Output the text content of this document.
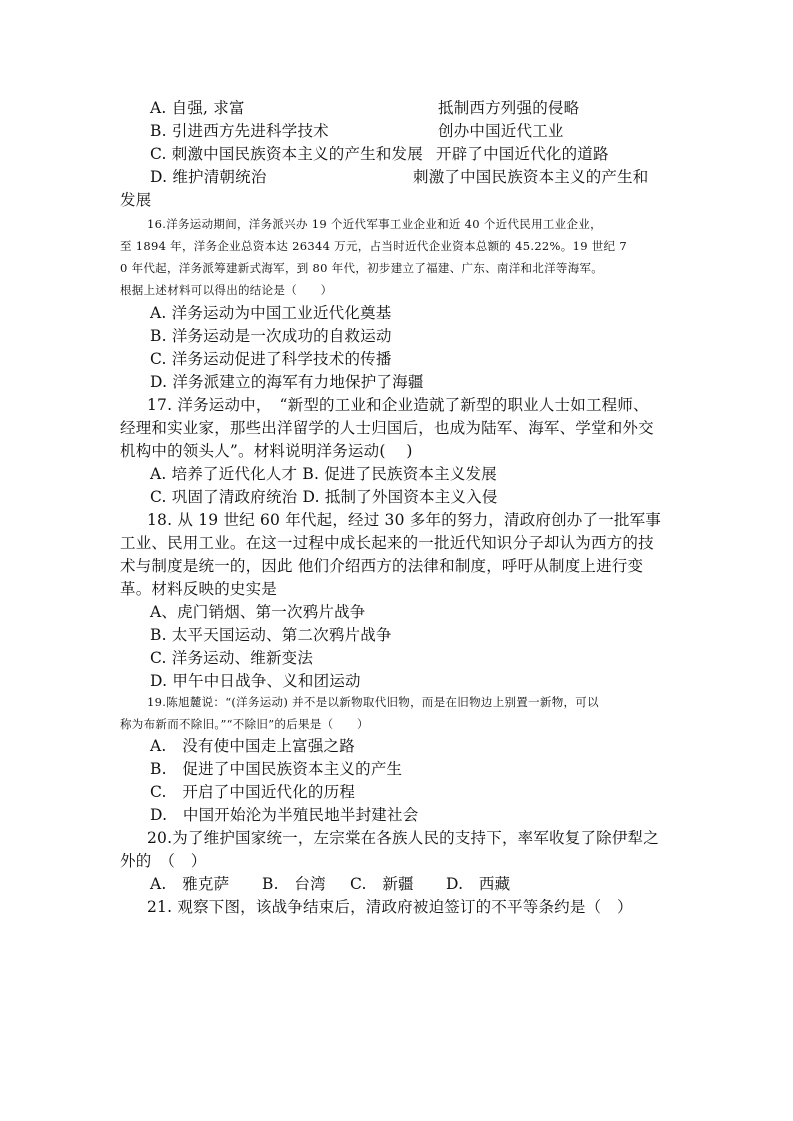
A. 自强, 求富	抵制西方列强的侵略
B. 引进西方先进科学技术	创办中国近代工业
C. 刺激中国民族资本主义的产生和发展 开辟了中国近代化的道路
D. 维护清朝统治	刺激了中国民族资本主义的产生和
发展
16.洋务运动期间，洋务派兴办 19 个近代军事工业企业和近 40 个近代民用工业企业，
至 1894 年，洋务企业总资本达 26344 万元，占当时近代企业资本总额的 45.22%。19 世纪 7
0 年代起，洋务派筹建新式海军，到 80 年代，初步建立了福建、广东、南洋和北洋等海军。
根据上述材料可以得出的结论是（　　）
A. 洋务运动为中国工业近代化奠基
B. 洋务运动是一次成功的自救运动
C. 洋务运动促进了科学技术的传播
D. 洋务派建立的海军有力地保护了海疆
17. 洋务运动中，　“新型的工业和企业造就了新型的职业人士如工程师、
经理和实业家，那些出洋留学的人士归国后，也成为陆军、海军、学堂和外交
机构中的领头人”。材料说明洋务运动(　 )
A. 培养了近代化人才 B. 促进了民族资本主义发展
C. 巩固了清政府统治 D. 抵制了外国资本主义入侵
18. 从 19 世纪 60 年代起，经过 30 多年的努力，清政府创办了一批军事
工业、民用工业。在这一过程中成长起来的一批近代知识分子却认为西方的技
术与制度是统一的，因此 他们介绍西方的法律和制度，呼吁从制度上进行变
革。材料反映的史实是
A、虎门销烟、第一次鸦片战争
B. 太平天国运动、第二次鸦片战争
C. 洋务运动、维新变法
D. 甲午中日战争、义和团运动
19.陈旭麓说：“(洋务运动) 并不是以新物取代旧物，而是在旧物边上别置一新物，可以
称为布新而不除旧。”“不除旧”的后果是（　　）
A.　没有使中国走上富强之路
B.　促进了中国民族资本主义的产生
C.　开启了中国近代化的历程
D.　中国开始沦为半殖民地半封建社会
20.为了维护国家统一，左宗棠在各族人民的支持下，率军收复了除伊犁之
外的　（　）
A.　雅克萨 B.　台湾 C.　新疆 D.　西藏
21. 观察下图，该战争结束后，清政府被迫签订的不平等条约是（　）
